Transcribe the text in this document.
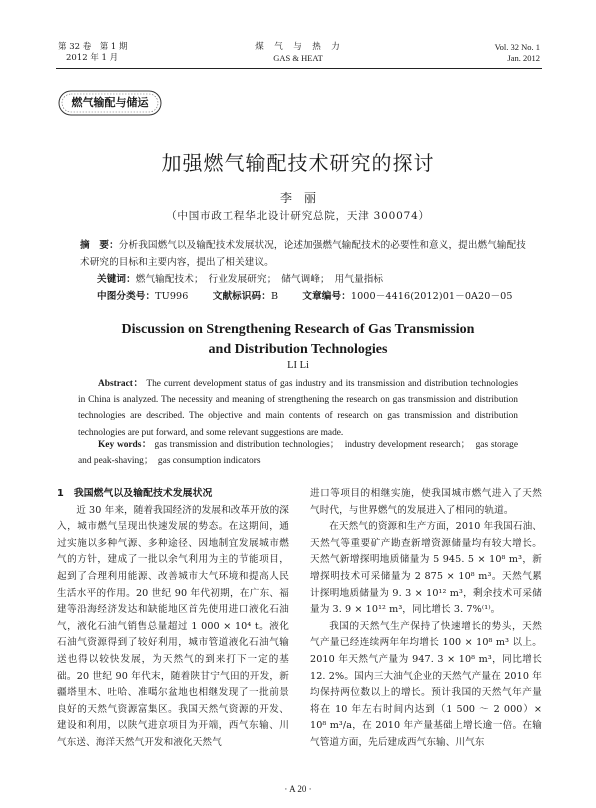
第 32 卷　第 1 期
2012 年 1 月
煤　气　与　热　力
GAS & HEAT
Vol. 32 No. 1
Jan. 2012
燃气输配与储运
加强燃气输配技术研究的探讨
李　丽
（中国市政工程华北设计研究总院，天津 300074）
摘　要：分析我国燃气以及输配技术发展状况，论述加强燃气输配技术的必要性和意义，提出燃气输配技术研究的目标和主要内容，提出了相关建议。
关键词：燃气输配技术；　行业发展研究；　储气调峰；　用气量指标
中图分类号：TU996	文献标识码：B	文章编号：1000－4416(2012)01－0A20－05
Discussion on Strengthening Research of Gas Transmission
and Distribution Technologies
LI Li
Abstract： The current development status of gas industry and its transmission and distribution technologies in China is analyzed. The necessity and meaning of strengthening the research on gas transmission and distribution technologies are described. The objective and main contents of research on gas transmission and distribution technologies are put forward, and some relevant suggestions are made.
Key words： gas transmission and distribution technologies；　industry development research；　gas storage and peak-shaving；　gas consumption indicators

1　我国燃气以及输配技术发展状况

近 30 年来，随着我国经济的发展和改革开放的深入，城市燃气呈现出快速发展的势态。在这期间，通过实施以多种气源、多种途径、因地制宜发展城市燃气的方针，建成了一批以余气利用为主的节能项目，起到了合理利用能源、改善城市大气环境和提高人民生活水平的作用。20 世纪 90 年代初期，在广东、福建等沿海经济发达和缺能地区首先使用进口液化石油气，液化石油气销售总量超过 1 000 × 10⁴ t。液化石油气资源得到了较好利用，城市管道液化石油气输送也得以较快发展，为天然气的到来打下一定的基础。20 世纪 90 年代末，随着陕甘宁气田的开发，新疆塔里木、吐哈、准噶尔盆地也相继发现了一批前景良好的天然气资源富集区。我国天然气资源的开发、建设和利用，以陕气进京项目为开端，西气东输、川气东送、海洋天然气开发和液化天然气

进口等项目的相继实施，使我国城市燃气进入了天然气时代，与世界燃气的发展进入了相同的轨道。

在天然气的资源和生产方面，2010 年我国石油、天然气等重要矿产勘查新增资源储量均有较大增长。天然气新增探明地质储量为 5 945. 5 × 10⁸ m³，新增探明技术可采储量为 2 875 × 10⁸ m³。天然气累计探明地质储量为 9. 3 × 10¹² m³，剩余技术可采储量为 3. 9 × 10¹² m³，同比增长 3. 7%⁽¹⁾。

我国的天然气生产保持了快速增长的势头，天然气产量已经连续两年年均增长 100 × 10⁸ m³ 以上。2010 年天然气产量为 947. 3 × 10⁸ m³，同比增长 12. 2%。国内三大油气企业的天然气产量在 2010 年均保持两位数以上的增长。预计我国的天然气年产量将在 10 年左右时间内达到（1 500 ～ 2 000）× 10⁸ m³/a，在 2010 年产量基础上增长逾一倍。在输气管道方面，先后建成西气东输、川气东

· A 20 ·
